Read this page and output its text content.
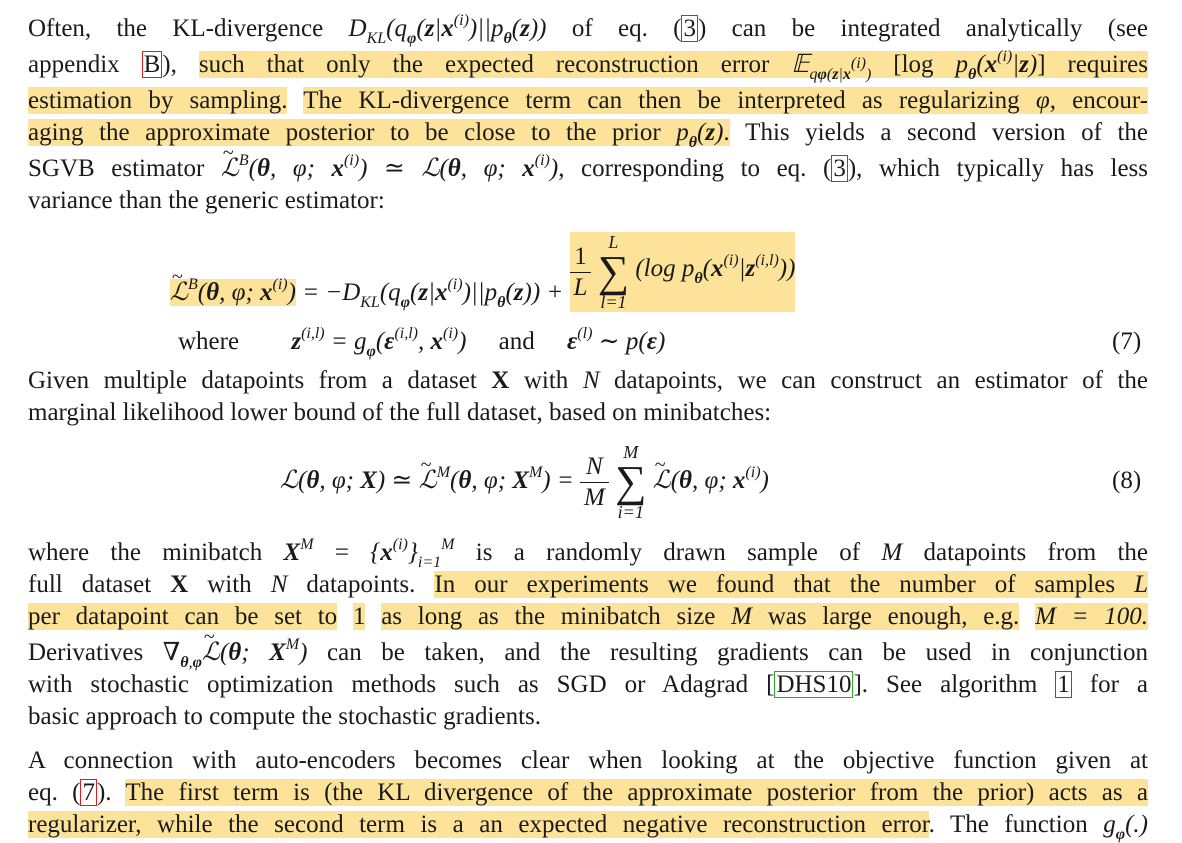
Often, the KL-divergence $D_{KL}(q_\varphi(z|x^{(i)})||p_\theta(z))$ of eq. (3) can be integrated analytically (see
appendix B), such that only the expected reconstruction error 𝔼$_{q\varphi(z|x(i))}$ [log $p_\theta(x^{(i)}|z)$] requires
estimation by sampling. The KL-divergence term can then be interpreted as regularizing φ, encour-
aging the approximate posterior to be close to the prior $p_\theta(z)$. This yields a second version of the
SGVB estimator ~ ℒ$^B$(θ, φ; $x^{(i)}$) ≃ ℒ(θ, φ; $x^{(i)}$), corresponding to eq. (3), which typically has less
variance than the generic estimator:
~ ℒ$^B$(θ, φ; $x^{(i)}) = -D_{KL}(q_\varphi(z|x^{(i)})||p_\theta(z)) + \frac{1}{L}$
L
∑
l=1
(log $p_\theta(x^{(i)}|z^{(i,l)})$)
where $z^{(i,l)} = g_\varphi(\varepsilon^{(i,l)}$, $x^{(i)}$) and $\varepsilon^{(l)}$ ∼ p(ε)	(7)
Given multiple datapoints from a dataset X with N datapoints, we can construct an estimator of the
marginal likelihood lower bound of the full dataset, based on minibatches:
ℒ(θ, φ; X) ≃ ~ ℒ$^M$(θ, φ; $X^M) = \frac{N}{M}$
M
∑
i=1
~ ℒ(θ, φ; $x^{(i)}$)	(8)
where the minibatch $X^M = \{x^{(i)}\}_{i=1}^M$ is a randomly drawn sample of M datapoints from the
full dataset X with N datapoints. In our experiments we found that the number of samples L
per datapoint can be set to 1 as long as the minibatch size M was large enough, e.g. M = 100.
Derivatives $\nabla_{\theta,\varphi}\sim$ ℒ(θ; $X^M$) can be taken, and the resulting gradients can be used in conjunction
with stochastic optimization methods such as SGD or Adagrad [DHS10]. See algorithm 1 for a
basic approach to compute the stochastic gradients.
A connection with auto-encoders becomes clear when looking at the objective function given at
eq. (7). The first term is (the KL divergence of the approximate posterior from the prior) acts as a
regularizer, while the second term is a an expected negative reconstruction error. The function $g_\varphi(.)$
